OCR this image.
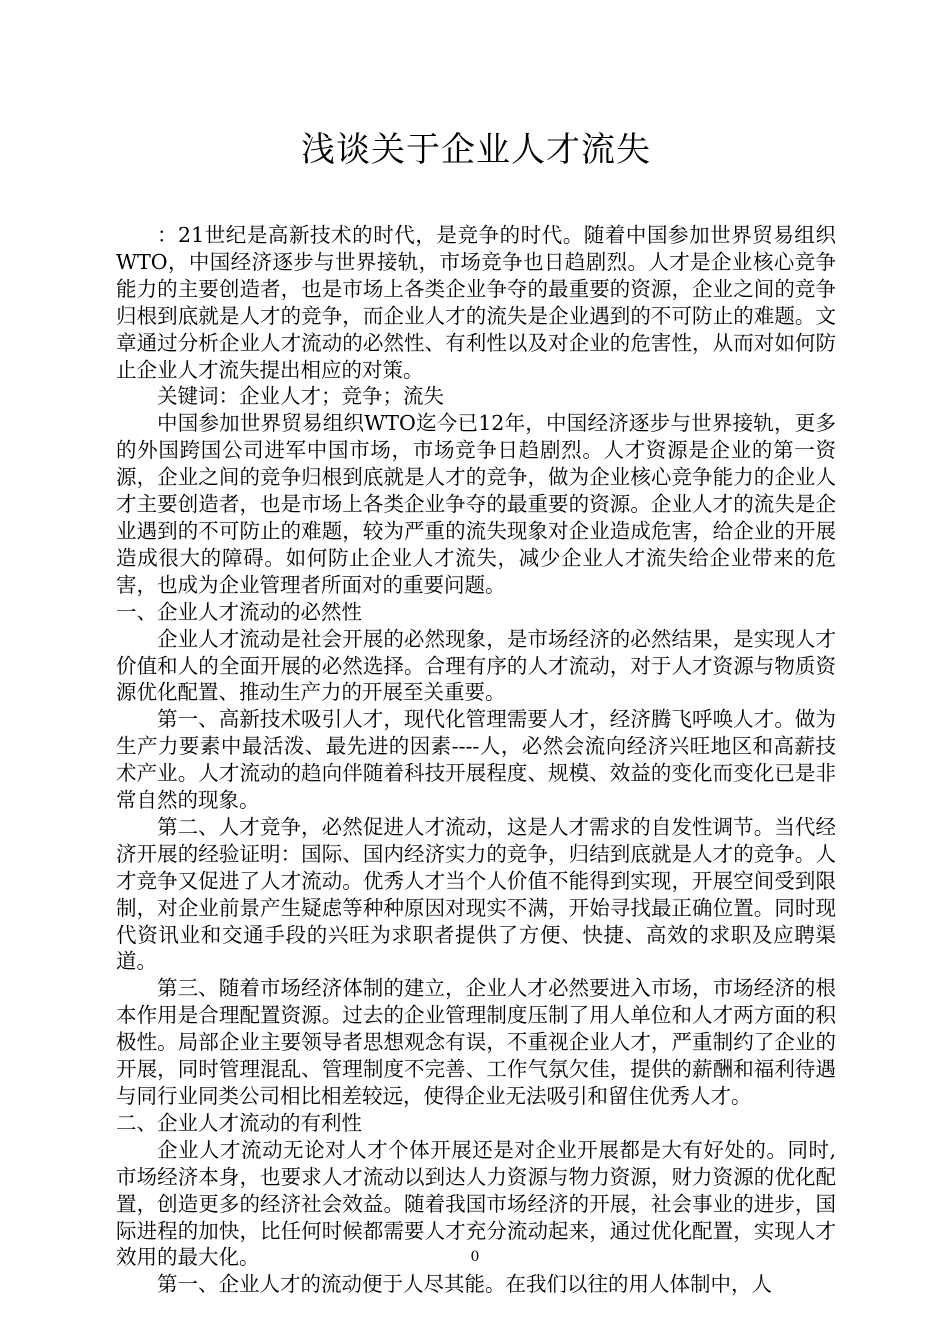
浅谈关于企业人才流失

：21世纪是高新技术的时代，是竞争的时代。随着中国参加世界贸易组织WTO，中国经济逐步与世界接轨，市场竞争也日趋剧烈。人才是企业核心竞争能力的主要创造者，也是市场上各类企业争夺的最重要的资源，企业之间的竞争归根到底就是人才的竞争，而企业人才的流失是企业遇到的不可防止的难题。文章通过分析企业人才流动的必然性、有利性以及对企业的危害性，从而对如何防止企业人才流失提出相应的对策。

关键词：企业人才；竞争；流失

中国参加世界贸易组织WTO迄今已12年，中国经济逐步与世界接轨，更多的外国跨国公司进军中国市场，市场竞争日趋剧烈。人才资源是企业的第一资源，企业之间的竞争归根到底就是人才的竞争，做为企业核心竞争能力的企业人才主要创造者，也是市场上各类企业争夺的最重要的资源。企业人才的流失是企业遇到的不可防止的难题，较为严重的流失现象对企业造成危害，给企业的开展造成很大的障碍。如何防止企业人才流失，减少企业人才流失给企业带来的危害，也成为企业管理者所面对的重要问题。

一、企业人才流动的必然性

企业人才流动是社会开展的必然现象，是市场经济的必然结果，是实现人才价值和人的全面开展的必然选择。合理有序的人才流动，对于人才资源与物质资源优化配置、推动生产力的开展至关重要。

第一、高新技术吸引人才，现代化管理需要人才，经济腾飞呼唤人才。做为生产力要素中最活泼、最先进的因素----人，必然会流向经济兴旺地区和高薪技术产业。人才流动的趋向伴随着科技开展程度、规模、效益的变化而变化已是非常自然的现象。

第二、人才竞争，必然促进人才流动，这是人才需求的自发性调节。当代经济开展的经验证明：国际、国内经济实力的竞争，归结到底就是人才的竞争。人才竞争又促进了人才流动。优秀人才当个人价值不能得到实现，开展空间受到限制，对企业前景产生疑虑等种种原因对现实不满，开始寻找最正确位置。同时现代资讯业和交通手段的兴旺为求职者提供了方便、快捷、高效的求职及应聘渠道。

第三、随着市场经济体制的建立，企业人才必然要进入市场，市场经济的根本作用是合理配置资源。过去的企业管理制度压制了用人单位和人才两方面的积极性。局部企业主要领导者思想观念有误，不重视企业人才，严重制约了企业的开展，同时管理混乱、管理制度不完善、工作气氛欠佳，提供的薪酬和福利待遇与同行业同类公司相比相差较远，使得企业无法吸引和留住优秀人才。

二、企业人才流动的有利性

企业人才流动无论对人才个体开展还是对企业开展都是大有好处的。同时,市场经济本身，也要求人才流动以到达人力资源与物力资源，财力资源的优化配置，创造更多的经济社会效益。随着我国市场经济的开展，社会事业的进步，国际进程的加快，比任何时候都需要人才充分流动起来，通过优化配置，实现人才效用的最大化。

第一、企业人才的流动便于人尽其能。在我们以往的用人体制中，人

0
